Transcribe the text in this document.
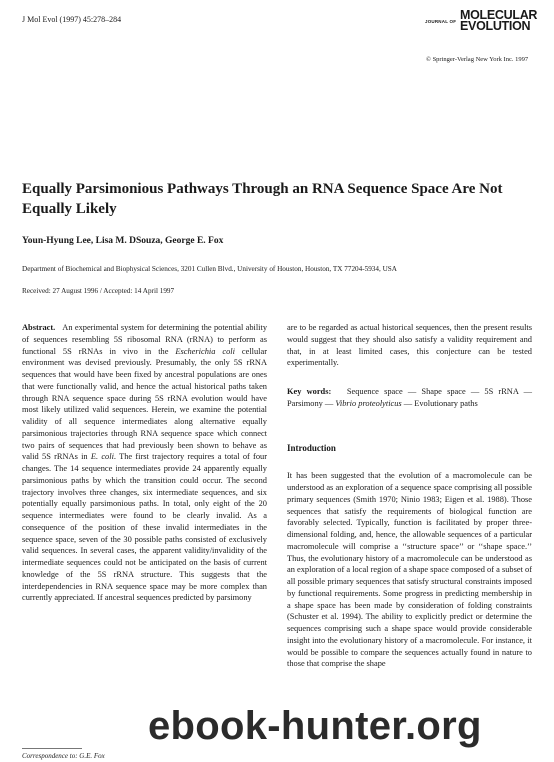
J Mol Evol (1997) 45:278–284	JOURNAL OF MOLECULAR
EVOLUTION
© Springer-Verlag New York Inc. 1997
Equally Parsimonious Pathways Through an RNA Sequence Space Are Not Equally Likely
Youn-Hyung Lee, Lisa M. DSouza, George E. Fox
Department of Biochemical and Biophysical Sciences, 3201 Cullen Blvd., University of Houston, Houston, TX 77204-5934, USA
Received: 27 August 1996 / Accepted: 14 April 1997
Abstract. An experimental system for determining the potential ability of sequences resembling 5S ribosomal RNA (rRNA) to perform as functional 5S rRNAs in vivo in the Escherichia coli cellular environment was devised previously. Presumably, the only 5S rRNA sequences that would have been fixed by ancestral populations are ones that were functionally valid, and hence the actual historical paths taken through RNA sequence space during 5S rRNA evolution would have most likely utilized valid sequences. Herein, we examine the potential validity of all sequence intermediates along alternative equally parsimonious trajectories through RNA sequence space which connect two pairs of sequences that had previously been shown to behave as valid 5S rRNAs in E. coli. The first trajectory requires a total of four changes. The 14 sequence intermediates provide 24 apparently equally parsimonious paths by which the transition could occur. The second trajectory involves three changes, six intermediate sequences, and six potentially equally parsimonious paths. In total, only eight of the 20 sequence intermediates were found to be clearly invalid. As a consequence of the position of these invalid intermediates in the sequence space, seven of the 30 possible paths consisted of exclusively valid sequences. In several cases, the apparent validity/invalidity of the intermediate sequences could not be anticipated on the basis of current knowledge of the 5S rRNA structure. This suggests that the interdependencies in RNA sequence space may be more complex than currently appreciated. If ancestral sequences predicted by parsimony
are to be regarded as actual historical sequences, then the present results would suggest that they should also satisfy a validity requirement and that, in at least limited cases, this conjecture can be tested experimentally.
Key words: Sequence space — Shape space — 5S rRNA — Parsimony — Vibrio proteolyticus — Evolutionary paths
Introduction
It has been suggested that the evolution of a macromolecule can be understood as an exploration of a sequence space comprising all possible primary sequences (Smith 1970; Ninio 1983; Eigen et al. 1988). Those sequences that satisfy the requirements of biological function are favorably selected. Typically, function is facilitated by proper three-dimensional folding, and, hence, the allowable sequences of a particular macromolecule will comprise a ‘‘structure space’’ or ‘‘shape space.’’ Thus, the evolutionary history of a macromolecule can be understood as an exploration of a local region of a shape space composed of a subset of all possible primary sequences that satisfy structural constraints imposed by functional requirements. Some progress in predicting membership in a shape space has been made by consideration of folding constraints (Schuster et al. 1994). The ability to explicitly predict or determine the sequences comprising such a shape space would provide considerable insight into the evolutionary history of a macromolecule. For instance, it would be possible to compare the sequences actually found in nature to those that comprise the shape
Correspondence to: G.E. Fox
ebook-hunter.org
